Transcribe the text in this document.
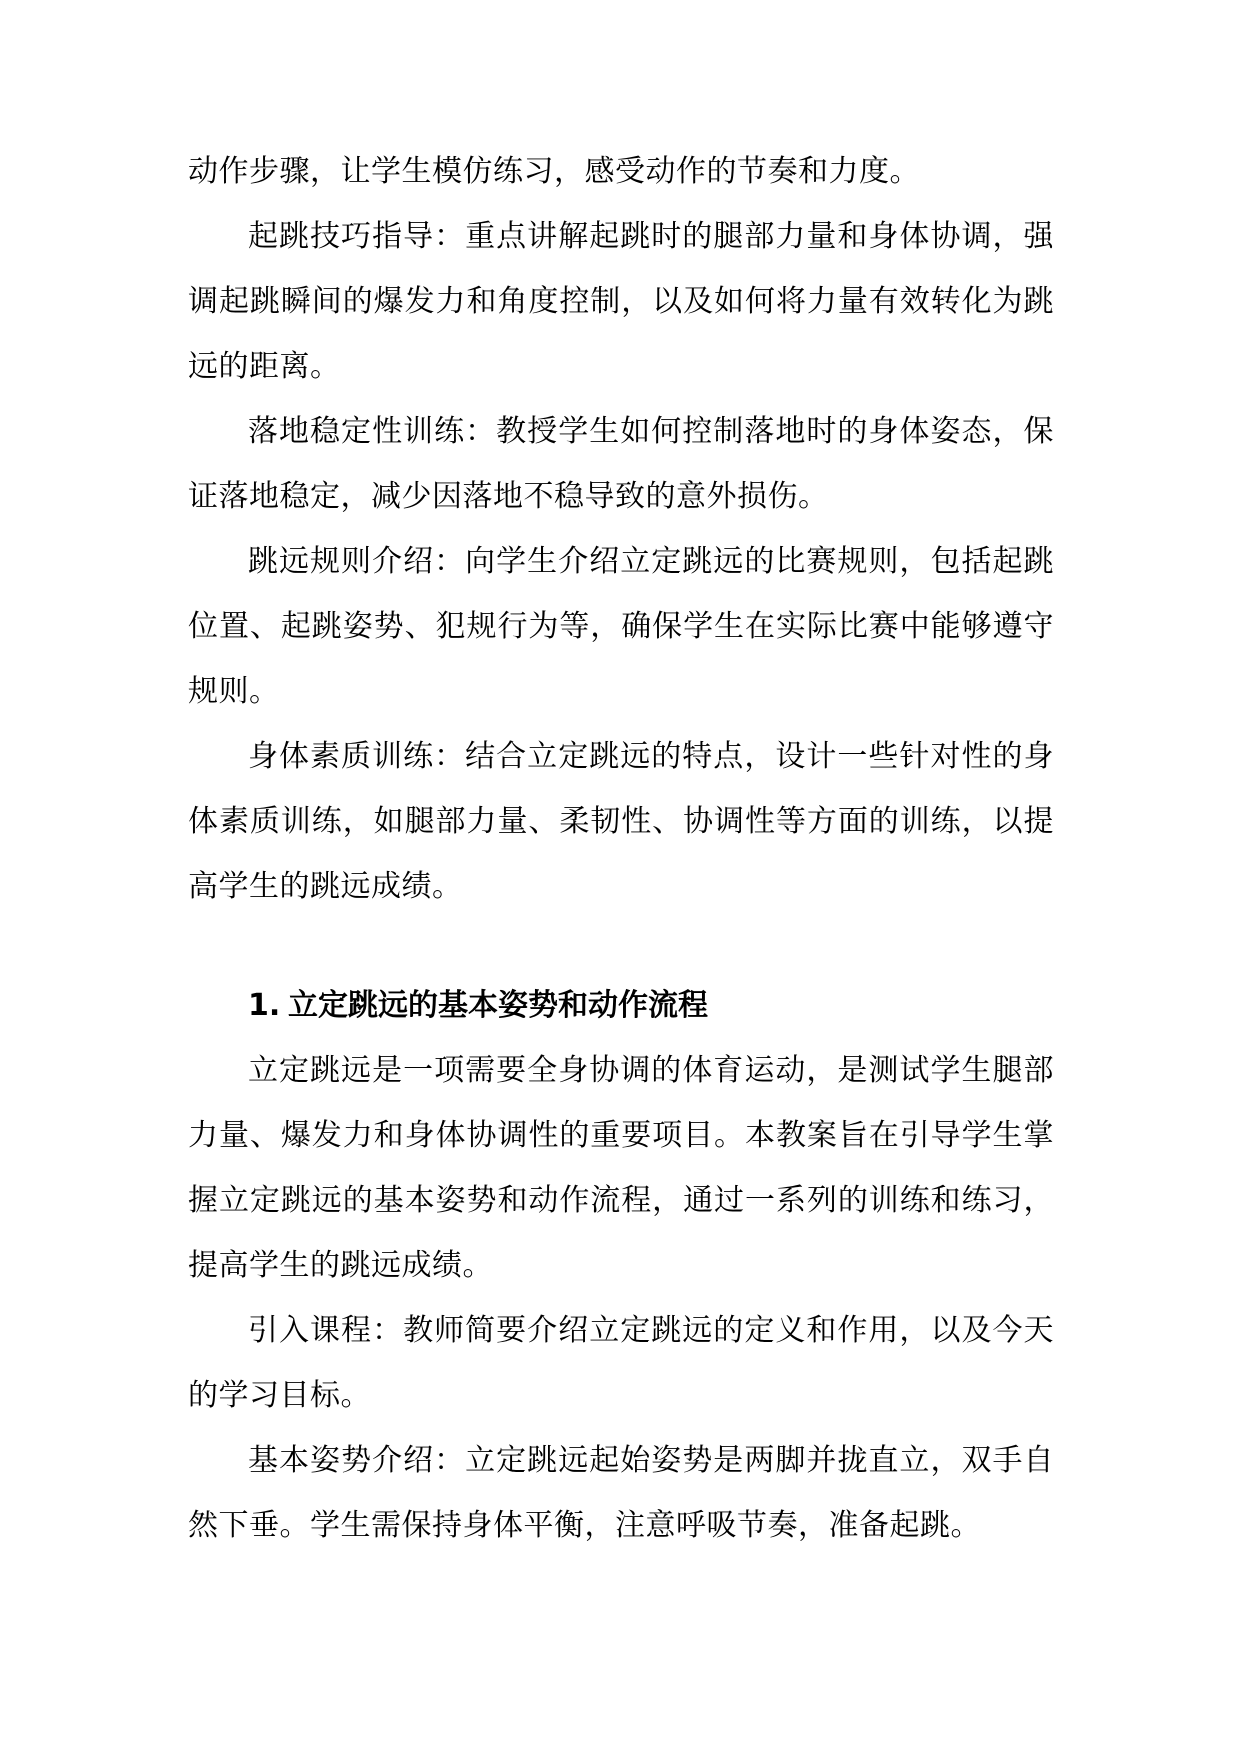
动作步骤，让学生模仿练习，感受动作的节奏和力度。

起跳技巧指导：重点讲解起跳时的腿部力量和身体协调，强调起跳瞬间的爆发力和角度控制，以及如何将力量有效转化为跳远的距离。

落地稳定性训练：教授学生如何控制落地时的身体姿态，保证落地稳定，减少因落地不稳导致的意外损伤。

跳远规则介绍：向学生介绍立定跳远的比赛规则，包括起跳位置、起跳姿势、犯规行为等，确保学生在实际比赛中能够遵守规则。

身体素质训练：结合立定跳远的特点，设计一些针对性的身体素质训练，如腿部力量、柔韧性、协调性等方面的训练，以提高学生的跳远成绩。

1. 立定跳远的基本姿势和动作流程

立定跳远是一项需要全身协调的体育运动，是测试学生腿部力量、爆发力和身体协调性的重要项目。本教案旨在引导学生掌握立定跳远的基本姿势和动作流程，通过一系列的训练和练习，提高学生的跳远成绩。

引入课程：教师简要介绍立定跳远的定义和作用，以及今天的学习目标。

基本姿势介绍：立定跳远起始姿势是两脚并拢直立，双手自然下垂。学生需保持身体平衡，注意呼吸节奏，准备起跳。
